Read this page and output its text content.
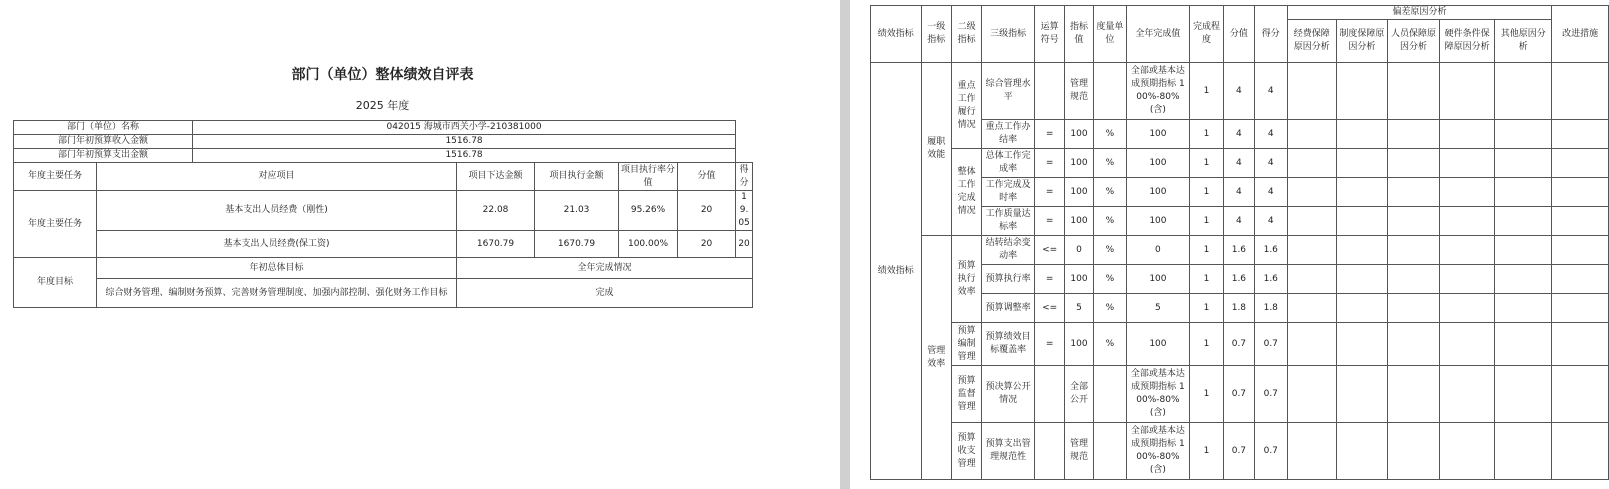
部门（单位）整体绩效自评表
2025 年度
部门（单位）名称		042015 海城市西关小学-210381000					
部门年初预算收入金额		1516.78					
部门年初预算支出金额		1516.78					
年度主要任务	对应项目		项目下达金额	项目执行金额	项目执行率分值	分值	得分
年度主要任务	基本支出人员经费（刚性)		22.08	21.03	95.26%	20	19.05
	基本支出人员经费(保工资)		1670.79	1670.79	100.00%	20	20
年度目标	年初总体目标		全年完成情况				
	综合财务管理、编制财务预算、完善财务管理制度、加强内部控制、强化财务工作目标		完成				
绩效指标	一级指标	二级指标	三级指标	运算符号	指标值	度量单位	全年完成值	完成程度	分值	得分	偏差原因分析					改进措施
											经费保障原因分析	制度保障原因分析	人员保障原因分析	硬件条件保障原因分析	其他原因分析	
绩效指标	履职效能	重点工作履行情况	综合管理水平		管理规范		全部或基本达成预期指标 100%-80%(含)	1	4	4						
			重点工作办结率	=	100	%	100	1	4	4						
		整体工作完成情况	总体工作完成率	=	100	%	100	1	4	4						
			工作完成及时率	=	100	%	100	1	4	4						
			工作质量达标率	=	100	%	100	1	4	4						
	管理效率	预算执行效率	结转结余变动率	<=	0	%	0	1	1.6	1.6						
			预算执行率	=	100	%	100	1	1.6	1.6						
			预算调整率	<=	5	%	5	1	1.8	1.8						
		预算编制管理	预算绩效目标覆盖率	=	100	%	100	1	0.7	0.7						
		预算监督管理	预决算公开情况		全部公开		全部或基本达成预期指标 100%-80%(含)	1	0.7	0.7						
		预算收支管理	预算支出管理规范性		管理规范		全部或基本达成预期指标 100%-80%(含)	1	0.7	0.7						
